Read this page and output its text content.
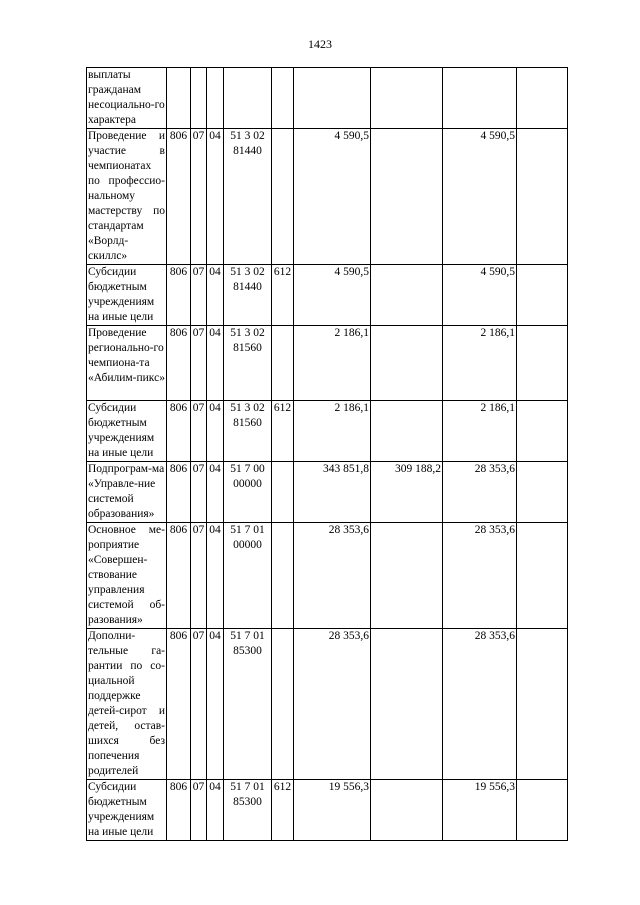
1423
выплаты гражданам несоциально-го характера									
Проведение и участие в чемпионатах по профессио-нальному мастерству по стандартам «Ворлд-скиллс»	806	07	04	51 3 02 81440		4 590,5		4 590,5	
Субсидии бюджетным учреждениям на иные цели	806	07	04	51 3 02 81440	612	4 590,5		4 590,5	
Проведение регионально-го чемпиона-та «Абилим-пикс»	806	07	04	51 3 02 81560		2 186,1		2 186,1	
Субсидии бюджетным учреждениям на иные цели	806	07	04	51 3 02 81560	612	2 186,1		2 186,1	
Подпрограм-ма «Управле-ние системой образования»	806	07	04	51 7 00 00000		343 851,8	309 188,2	28 353,6	
Основное ме-роприятие «Совершен-ствование управления системой об-разования»	806	07	04	51 7 01 00000		28 353,6		28 353,6	
Дополни-тельные га-рантии по со-циальной поддержке детей-сирот и детей, остав-шихся без попечения родителей	806	07	04	51 7 01 85300		28 353,6		28 353,6	
Субсидии бюджетным учреждениям на иные цели	806	07	04	51 7 01 85300	612	19 556,3		19 556,3	
